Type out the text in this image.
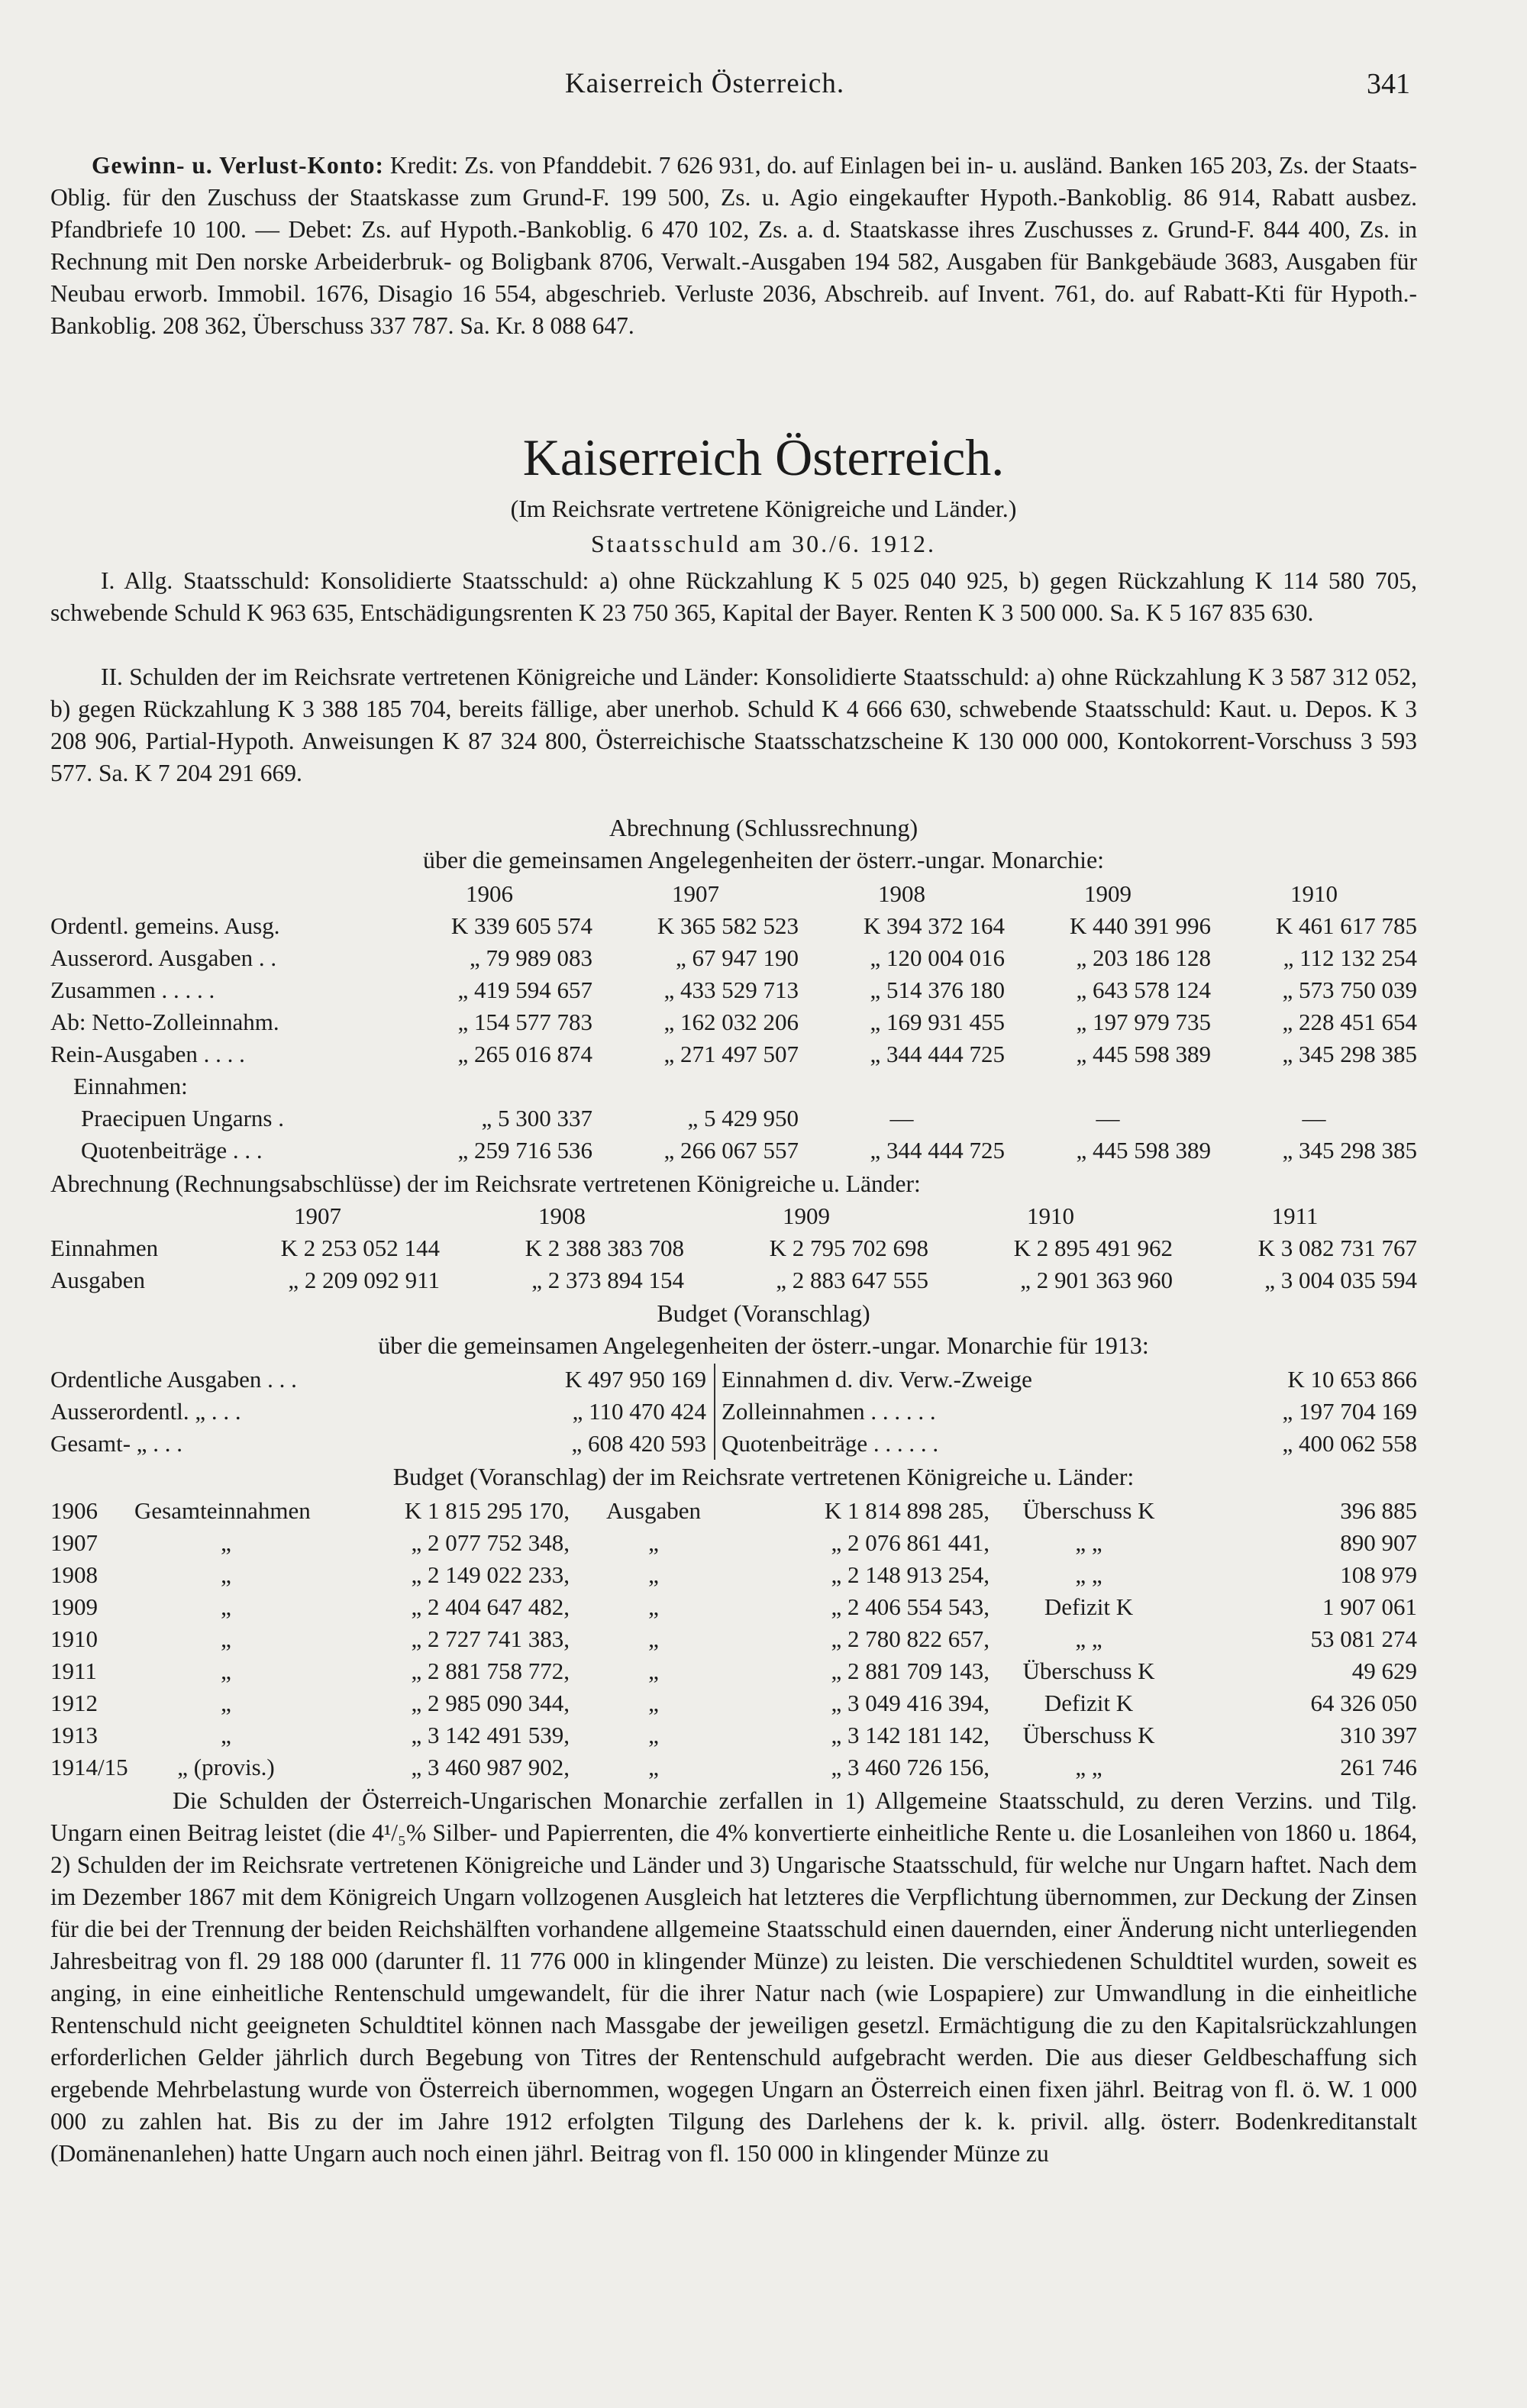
Kaiserreich Österreich.	341

Gewinn- u. Verlust-Konto: Kredit: Zs. von Pfanddebit. 7 626 931, do. auf Einlagen bei in- u. ausländ. Banken 165 203, Zs. der Staats-Oblig. für den Zuschuss der Staatskasse zum Grund-F. 199 500, Zs. u. Agio eingekaufter Hypoth.-Bankoblig. 86 914, Rabatt ausbez. Pfandbriefe 10 100. — Debet: Zs. auf Hypoth.-Bankoblig. 6 470 102, Zs. a. d. Staatskasse ihres Zuschusses z. Grund-F. 844 400, Zs. in Rechnung mit Den norske Arbeiderbruk- og Boligbank 8706, Verwalt.-Ausgaben 194 582, Ausgaben für Bankgebäude 3683, Ausgaben für Neubau erworb. Immobil. 1676, Disagio 16 554, abgeschrieb. Verluste 2036, Abschreib. auf Invent. 761, do. auf Rabatt-Kti für Hypoth.-Bankoblig. 208 362, Überschuss 337 787. Sa. Kr. 8 088 647.

Kaiserreich Österreich.
(Im Reichsrate vertretene Königreiche und Länder.)
Staatsschuld am 30./6. 1912.

I. Allg. Staatsschuld: Konsolidierte Staatsschuld: a) ohne Rückzahlung K 5 025 040 925, b) gegen Rückzahlung K 114 580 705, schwebende Schuld K 963 635, Entschädigungsrenten K 23 750 365, Kapital der Bayer. Renten K 3 500 000. Sa. K 5 167 835 630.

II. Schulden der im Reichsrate vertretenen Königreiche und Länder: Konsolidierte Staatsschuld: a) ohne Rückzahlung K 3 587 312 052, b) gegen Rückzahlung K 3 388 185 704, bereits fällige, aber unerhob. Schuld K 4 666 630, schwebende Staatsschuld: Kaut. u. Depos. K 3 208 906, Partial-Hypoth. Anweisungen K 87 324 800, Österreichische Staatsschatzscheine K 130 000 000, Kontokorrent-Vorschuss 3 593 577. Sa. K 7 204 291 669.

Abrechnung (Schlussrechnung)
über die gemeinsamen Angelegenheiten der österr.-ungar. Monarchie:
	1906	1907	1908	1909	1910
Ordentl. gemeins. Ausg.	K 339 605 574	K 365 582 523	K 394 372 164	K 440 391 996	K 461 617 785
Ausserord. Ausgaben . .	„ 79 989 083	„ 67 947 190	„ 120 004 016	„ 203 186 128	„ 112 132 254
Zusammen . . . . .	„ 419 594 657	„ 433 529 713	„ 514 376 180	„ 643 578 124	„ 573 750 039
Ab: Netto-Zolleinnahm.	„ 154 577 783	„ 162 032 206	„ 169 931 455	„ 197 979 735	„ 228 451 654
Rein-Ausgaben . . . .	„ 265 016 874	„ 271 497 507	„ 344 444 725	„ 445 598 389	„ 345 298 385
Einnahmen:					
Praecipuen Ungarns .	„ 5 300 337	„ 5 429 950	—	—	—
Quotenbeiträge . . .	„ 259 716 536	„ 266 067 557	„ 344 444 725	„ 445 598 389	„ 345 298 385
Abrechnung (Rechnungsabschlüsse) der im Reichsrate vertretenen Königreiche u. Länder:
	1907	1908	1909	1910	1911
Einnahmen	K 2 253 052 144	K 2 388 383 708	K 2 795 702 698	K 2 895 491 962	K 3 082 731 767
Ausgaben	„ 2 209 092 911	„ 2 373 894 154	„ 2 883 647 555	„ 2 901 363 960	„ 3 004 035 594
Budget (Voranschlag)
über die gemeinsamen Angelegenheiten der österr.-ungar. Monarchie für 1913:
Ordentliche Ausgaben . . .	K 497 950 169	Einnahmen d. div. Verw.-Zweige	K 10 653 866
Ausserordentl. „ . . .	„ 110 470 424	Zolleinnahmen . . . . . .	„ 197 704 169
Gesamt- „ . . .	„ 608 420 593	Quotenbeiträge . . . . . .	„ 400 062 558
Budget (Voranschlag) der im Reichsrate vertretenen Königreiche u. Länder:
1906	Gesamteinnahmen	K 1 815 295 170,	Ausgaben	K 1 814 898 285,	Überschuss K	396 885
1907	„	„ 2 077 752 348,	„	„ 2 076 861 441,	„ „	890 907
1908	„	„ 2 149 022 233,	„	„ 2 148 913 254,	„ „	108 979
1909	„	„ 2 404 647 482,	„	„ 2 406 554 543,	Defizit K	1 907 061
1910	„	„ 2 727 741 383,	„	„ 2 780 822 657,	„ „	53 081 274
1911	„	„ 2 881 758 772,	„	„ 2 881 709 143,	Überschuss K	49 629
1912	„	„ 2 985 090 344,	„	„ 3 049 416 394,	Defizit K	64 326 050
1913	„	„ 3 142 491 539,	„	„ 3 142 181 142,	Überschuss K	310 397
1914/15	„ (provis.)	„ 3 460 987 902,	„	„ 3 460 726 156,	„ „	261 746

Die Schulden der Österreich-Ungarischen Monarchie zerfallen in 1) Allgemeine Staatsschuld, zu deren Verzins. und Tilg. Ungarn einen Beitrag leistet (die 4¹/₅% Silber- und Papierrenten, die 4% konvertierte einheitliche Rente u. die Losanleihen von 1860 u. 1864, 2) Schulden der im Reichsrate vertretenen Königreiche und Länder und 3) Ungarische Staatsschuld, für welche nur Ungarn haftet. Nach dem im Dezember 1867 mit dem Königreich Ungarn vollzogenen Ausgleich hat letzteres die Verpflichtung übernommen, zur Deckung der Zinsen für die bei der Trennung der beiden Reichshälften vorhandene allgemeine Staatsschuld einen dauernden, einer Änderung nicht unterliegenden Jahresbeitrag von fl. 29 188 000 (darunter fl. 11 776 000 in klingender Münze) zu leisten. Die verschiedenen Schuldtitel wurden, soweit es anging, in eine einheitliche Rentenschuld umgewandelt, für die ihrer Natur nach (wie Lospapiere) zur Umwandlung in die einheitliche Rentenschuld nicht geeigneten Schuldtitel können nach Massgabe der jeweiligen gesetzl. Ermächtigung die zu den Kapitalsrückzahlungen erforderlichen Gelder jährlich durch Begebung von Titres der Rentenschuld aufgebracht werden. Die aus dieser Geldbeschaffung sich ergebende Mehrbelastung wurde von Österreich übernommen, wogegen Ungarn an Österreich einen fixen jährl. Beitrag von fl. ö. W. 1 000 000 zu zahlen hat. Bis zu der im Jahre 1912 erfolgten Tilgung des Darlehens der k. k. privil. allg. österr. Bodenkreditanstalt (Domänenanlehen) hatte Ungarn auch noch einen jährl. Beitrag von fl. 150 000 in klingender Münze zu
